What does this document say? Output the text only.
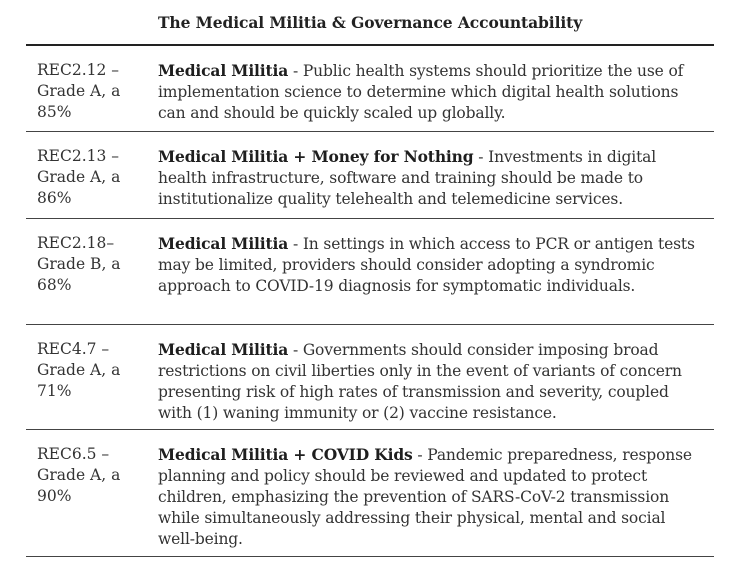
The Medical Militia & Governance Accountability
REC2.12 –
Grade A, a
85%
Medical Militia - Public health systems should prioritize the use of implementation science to determine which digital health solutions can and should be quickly scaled up globally.
REC2.13 –
Grade A, a
86%
Medical Militia + Money for Nothing - Investments in digital health infrastructure, software and training should be made to institutionalize quality telehealth and telemedicine services.
REC2.18–
Grade B, a
68%
Medical Militia - In settings in which access to PCR or antigen tests may be limited, providers should consider adopting a syndromic approach to COVID-19 diagnosis for symptomatic individuals.
REC4.7 –
Grade A, a
71%
Medical Militia - Governments should consider imposing broad restrictions on civil liberties only in the event of variants of concern presenting risk of high rates of transmission and severity, coupled with (1) waning immunity or (2) vaccine resistance.
REC6.5 –
Grade A, a
90%
Medical Militia + COVID Kids - Pandemic preparedness, response planning and policy should be reviewed and updated to protect children, emphasizing the prevention of SARS-CoV-2 transmission while simultaneously addressing their physical, mental and social well-being.
